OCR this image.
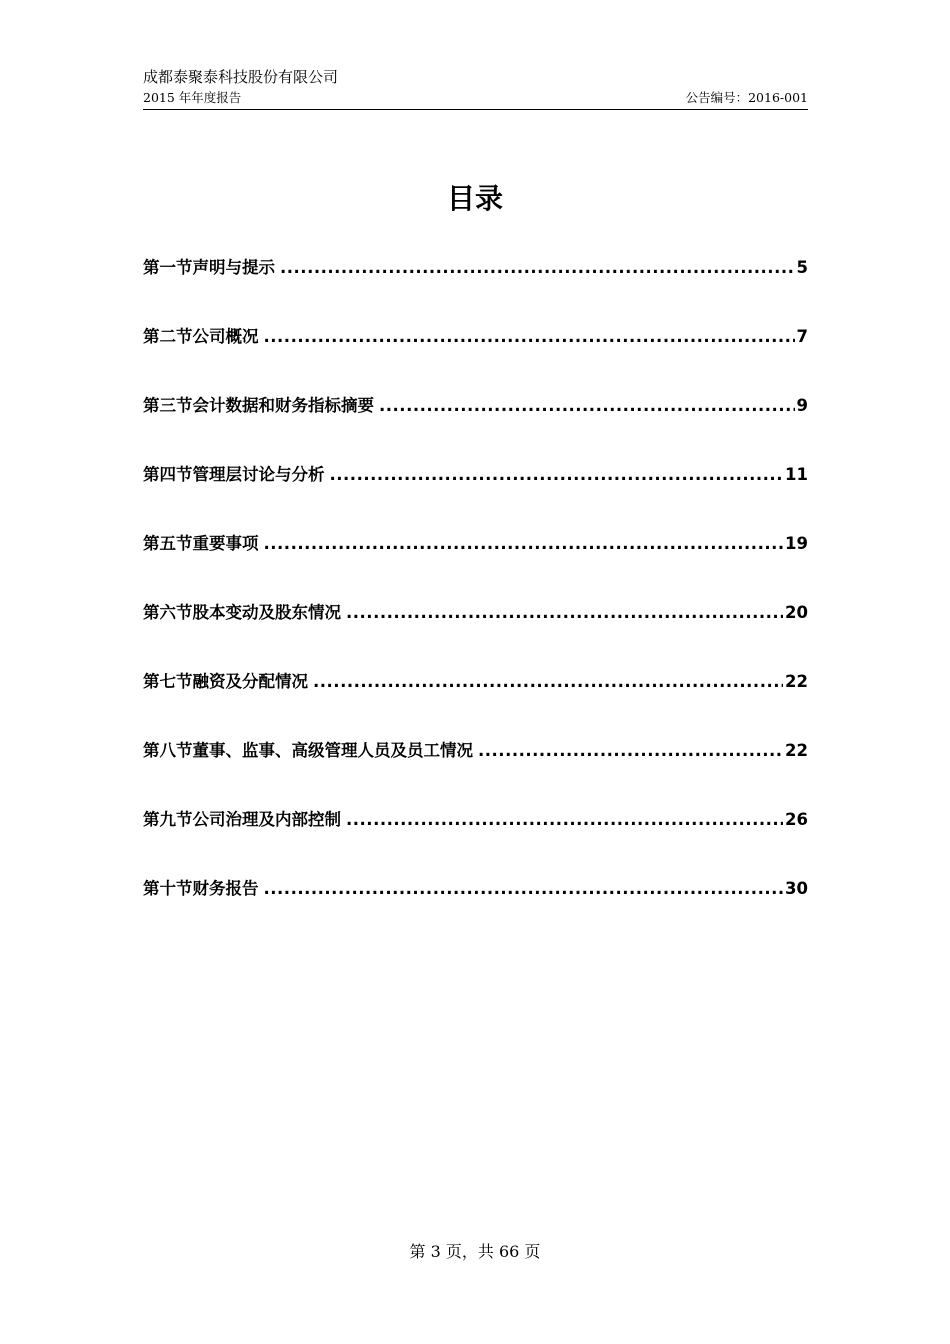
成都泰聚泰科技股份有限公司
2015 年年度报告	公告编号：2016-001
目录
第一节声明与提示 .....	5
第二节公司概况 .....	7
第三节会计数据和财务指标摘要 .....	9
第四节管理层讨论与分析 .....	11
第五节重要事项 .....	19
第六节股本变动及股东情况 .....	20
第七节融资及分配情况 .....	22
第八节董事、监事、高级管理人员及员工情况 .....	22
第九节公司治理及内部控制 .....	26
第十节财务报告 .....	30
第 3 页，共 66 页
